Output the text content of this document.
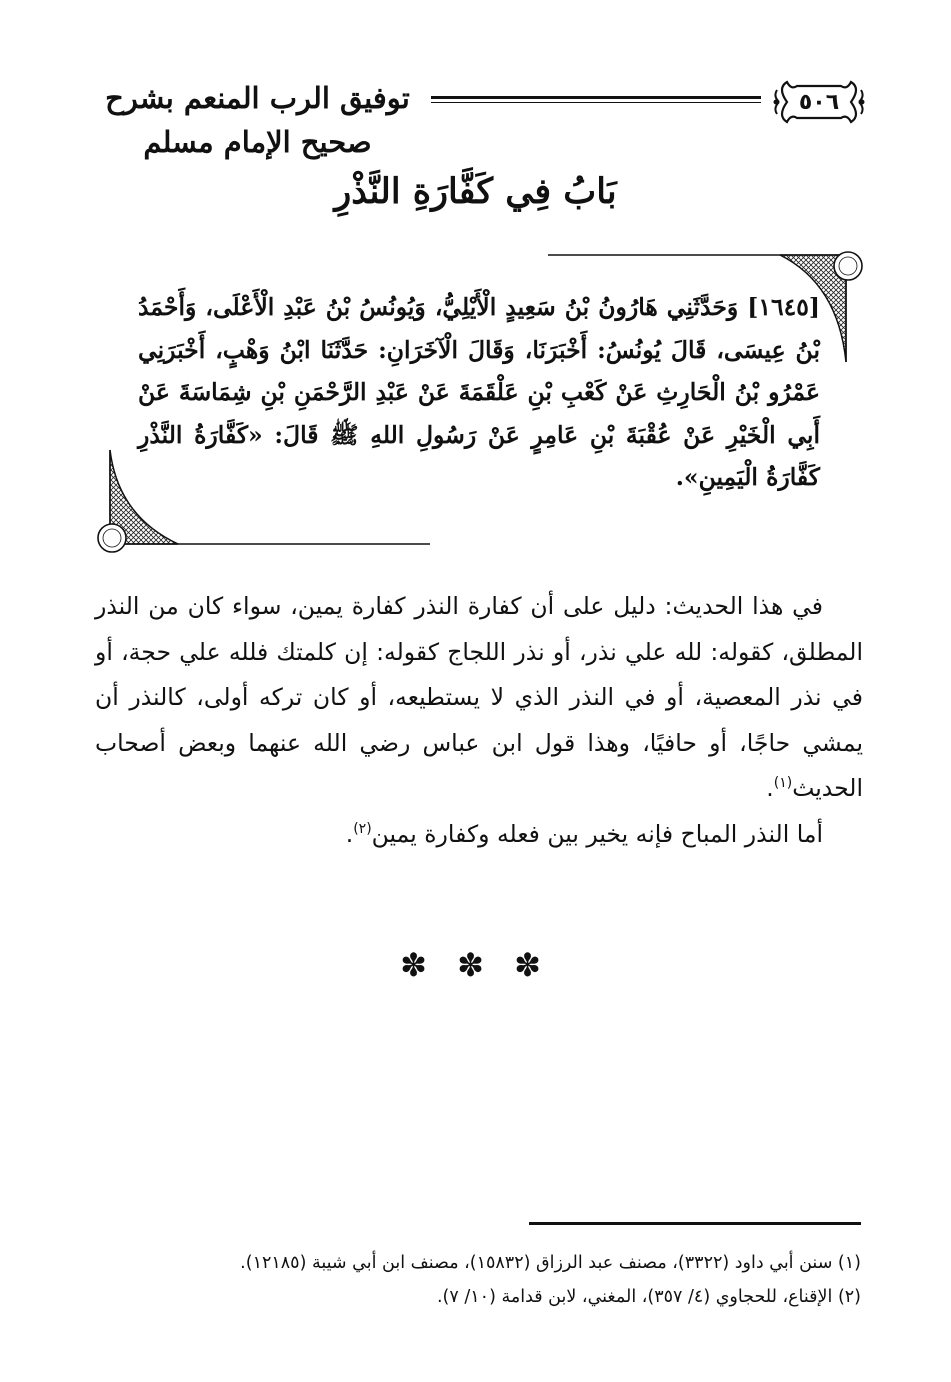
٥٠٦
توفيق الرب المنعم بشرح صحيح الإمام مسلم
بَابُ فِي كَفَّارَةِ النَّذْرِ
[١٦٤٥] وَحَدَّثَنِي هَارُونُ بْنُ سَعِيدٍ الْأَيْلِيُّ، وَيُونُسُ بْنُ عَبْدِ الْأَعْلَى، وَأَحْمَدُ بْنُ عِيسَى، قَالَ يُونُسُ: أَخْبَرَنَا، وَقَالَ الْآخَرَانِ: حَدَّثَنَا ابْنُ وَهْبٍ، أَخْبَرَنِي عَمْرُو بْنُ الْحَارِثِ عَنْ كَعْبِ بْنِ عَلْقَمَةَ عَنْ عَبْدِ الرَّحْمَنِ بْنِ شِمَاسَةَ عَنْ أَبِي الْخَيْرِ عَنْ عُقْبَةَ بْنِ عَامِرٍ عَنْ رَسُولِ اللهِ ﷺ قَالَ: «كَفَّارَةُ النَّذْرِ كَفَّارَةُ الْيَمِينِ».

في هذا الحديث: دليل على أن كفارة النذر كفارة يمين، سواء كان من النذر المطلق، كقوله: لله علي نذر، أو نذر اللجاج كقوله: إن كلمتك فلله علي حجة، أو في نذر المعصية، أو في النذر الذي لا يستطيعه، أو كان تركه أولى، كالنذر أن يمشي حاجًا، أو حافيًا، وهذا قول ابن عباس رضي الله عنهما وبعض أصحاب الحديث$^{(١)}$.

أما النذر المباح فإنه يخير بين فعله وكفارة يمين$^{(٢)}$.

✽ ✽ ✽
(١) سنن أبي داود (٣٣٢٢)، مصنف عبد الرزاق (١٥٨٣٢)، مصنف ابن أبي شيبة (١٢١٨٥).
(٢) الإقناع، للحجاوي (٤/ ٣٥٧)، المغني، لابن قدامة (١٠/ ٧).
